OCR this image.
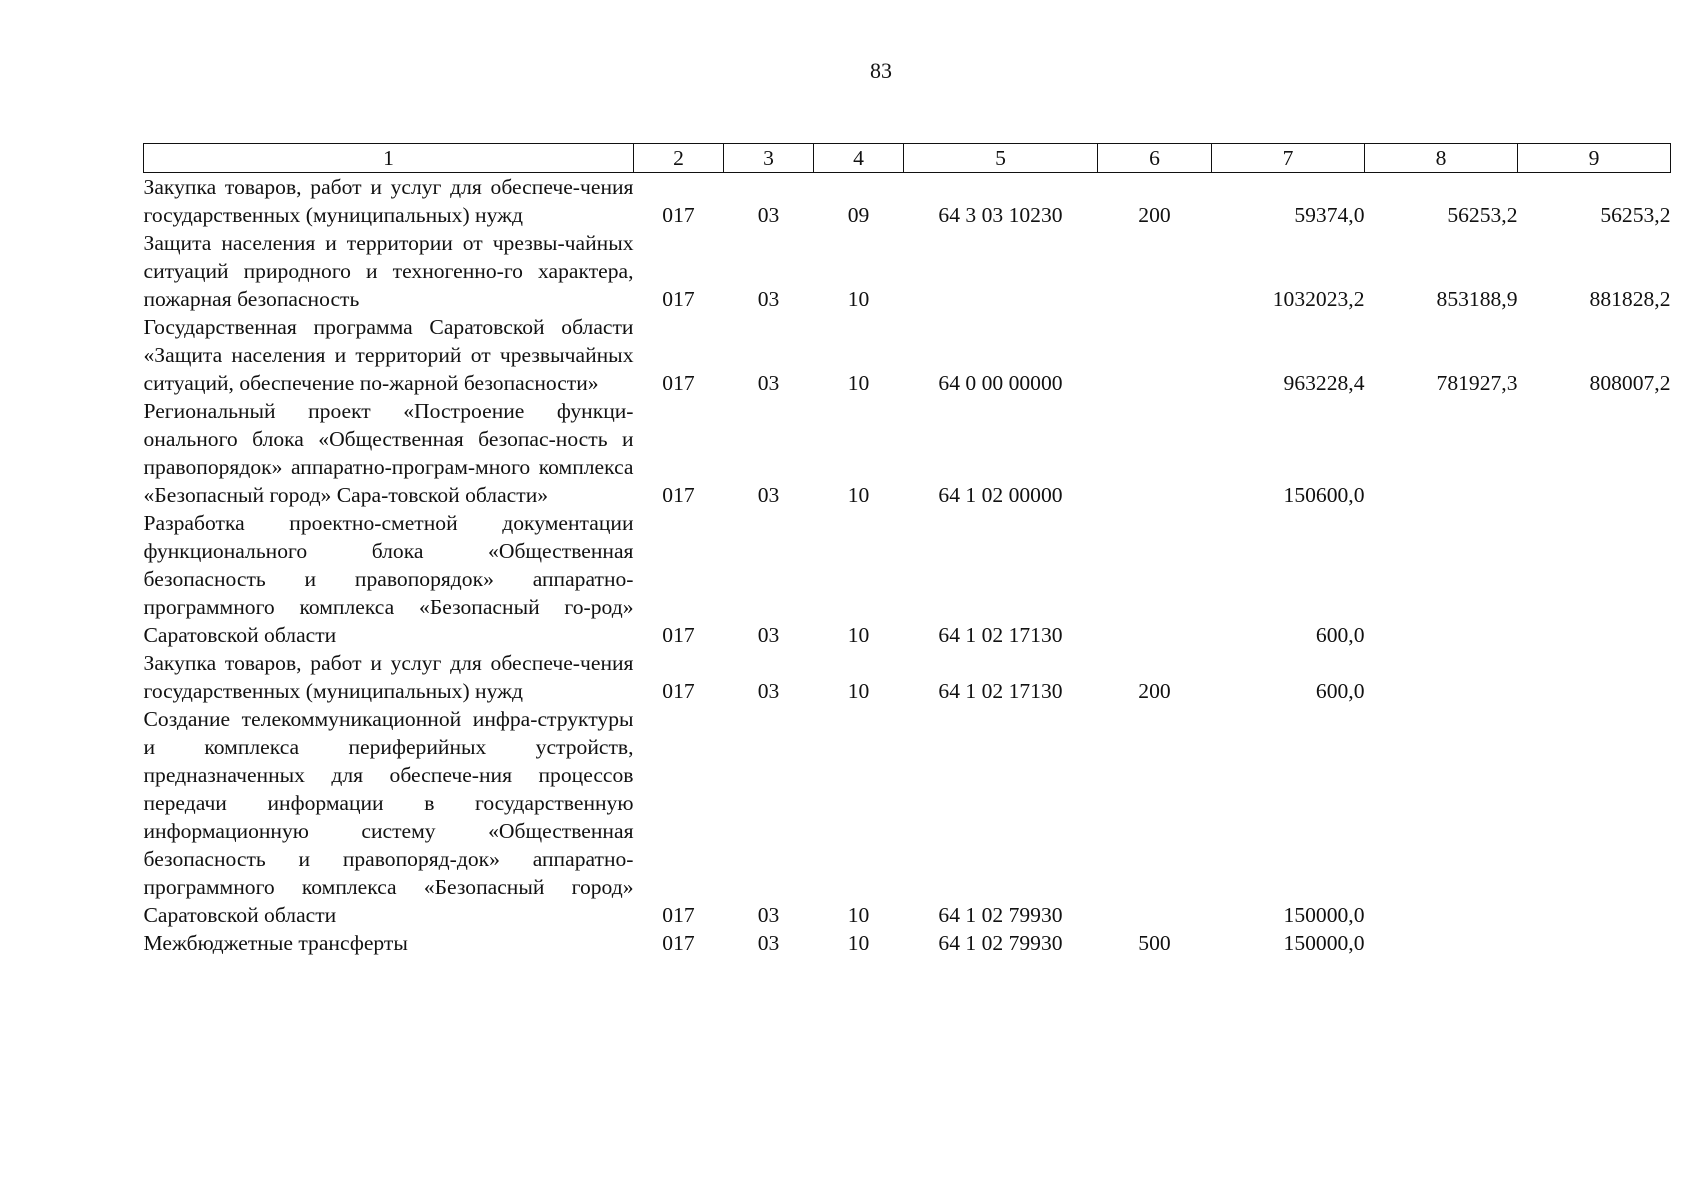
83
1	2	3	4	5	6	7	8	9
Закупка товаров, работ и услуг для обеспече-чения государственных (муниципальных) нужд	017	03	09	64 3 03 10230	200	59374,0	56253,2	56253,2
Защита населения и территории от чрезвы-чайных ситуаций природного и техногенно-го характера, пожарная безопасность	017	03	10			1032023,2	853188,9	881828,2
Государственная программа Саратовской области «Защита населения и территорий от чрезвычайных ситуаций, обеспечение по-жарной безопасности»	017	03	10	64 0 00 00000		963228,4	781927,3	808007,2
Региональный проект «Построение функци-онального блока «Общественная безопас-ность и правопорядок» аппаратно-програм-много комплекса «Безопасный город» Сара-товской области»	017	03	10	64 1 02 00000		150600,0		
Разработка проектно-сметной документации функционального блока «Общественная безопасность и правопорядок» аппаратно-программного комплекса «Безопасный го-род» Саратовской области	017	03	10	64 1 02 17130		600,0		
Закупка товаров, работ и услуг для обеспече-чения государственных (муниципальных) нужд	017	03	10	64 1 02 17130	200	600,0		
Создание телекоммуникационной инфра-структуры и комплекса периферийных устройств, предназначенных для обеспече-ния процессов передачи информации в государственную информационную систему «Общественная безопасность и правопоряд-док» аппаратно-программного комплекса «Безопасный город» Саратовской области	017	03	10	64 1 02 79930		150000,0		
Межбюджетные трансферты	017	03	10	64 1 02 79930	500	150000,0		
